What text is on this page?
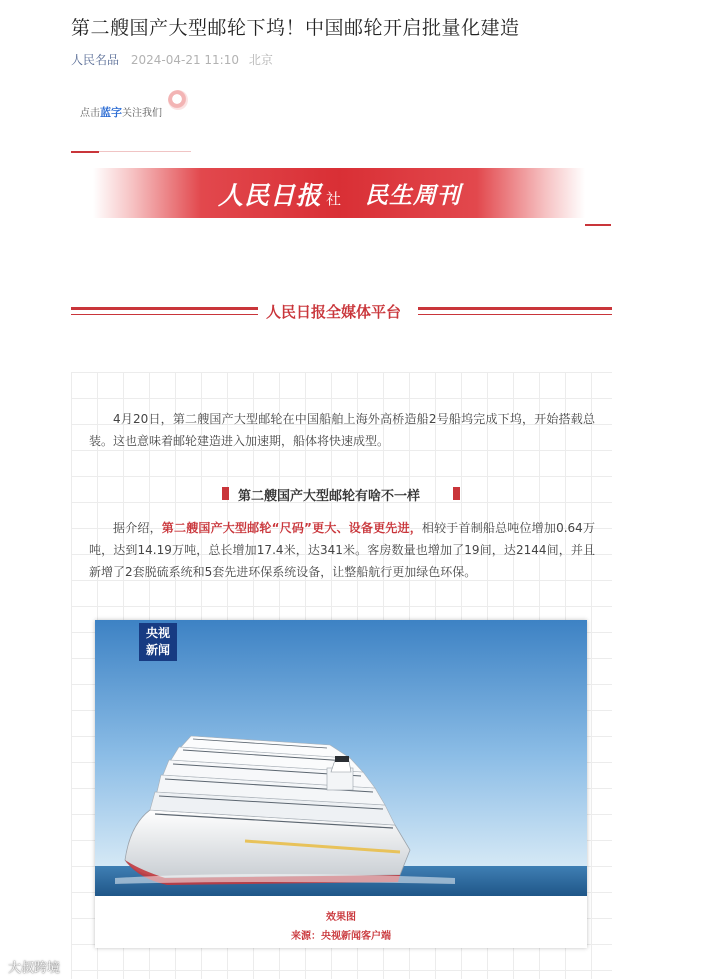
第二艘国产大型邮轮下坞！中国邮轮开启批量化建造
人民名品 2024-04-21 11:10 北京
点击蓝字关注我们
人民日报 社 民生周刊
人民日报全媒体平台

4月20日，第二艘国产大型邮轮在中国船舶上海外高桥造船2号船坞完成下坞，开始搭载总装。这也意味着邮轮建造进入加速期，船体将快速成型。

第二艘国产大型邮轮有啥不一样

据介绍，第二艘国产大型邮轮“尺码”更大、设备更先进，相较于首制船总吨位增加0.64万吨，达到14.19万吨，总长增加17.4米，达341米。客房数量也增加了19间，达2144间，并且新增了2套脱硫系统和5套先进环保系统设备，让整船航行更加绿色环保。

央视
新闻
效果图
来源：央视新闻客户端
大叔跨境
